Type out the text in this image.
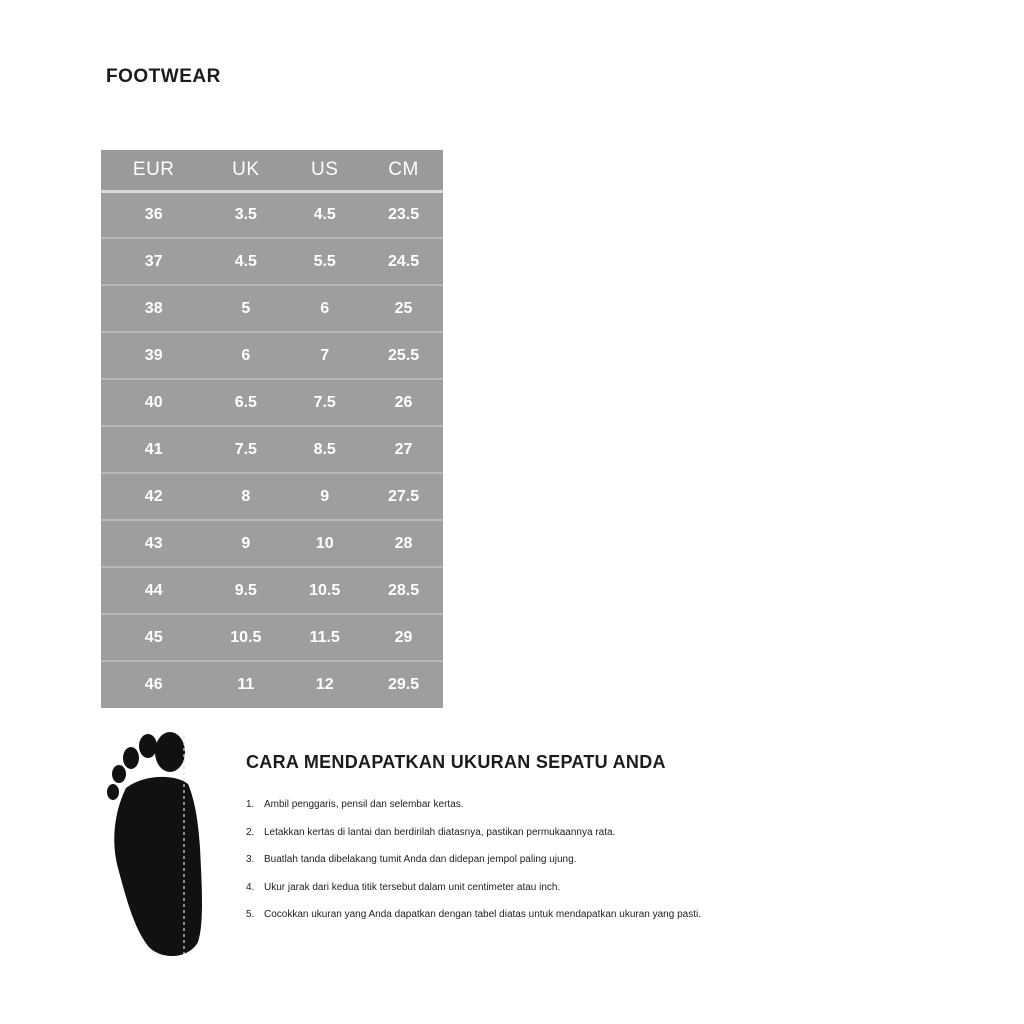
FOOTWEAR
EUR	UK	US	CM
36	3.5	4.5	23.5
37	4.5	5.5	24.5
38	5	6	25
39	6	7	25.5
40	6.5	7.5	26
41	7.5	8.5	27
42	8	9	27.5
43	9	10	28
44	9.5	10.5	28.5
45	10.5	11.5	29
46	11	12	29.5
CARA MENDAPATKAN UKURAN SEPATU ANDA
1. Ambil penggaris, pensil dan selembar kertas.
2. Letakkan kertas di lantai dan berdirilah diatasnya, pastikan permukaannya rata.
3. Buatlah tanda dibelakang tumit Anda dan didepan jempol paling ujung.
4. Ukur jarak dari kedua titik tersebut dalam unit centimeter atau inch.
5. Cocokkan ukuran yang Anda dapatkan dengan tabel diatas untuk mendapatkan ukuran yang pasti.
